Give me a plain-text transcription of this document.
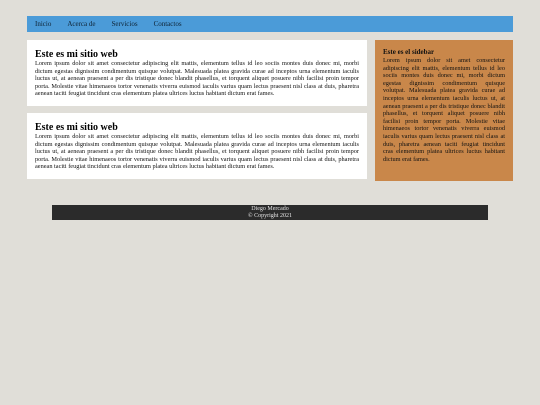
Inicio Acerca de Servicios Contactos
Este es mi sitio web

Lorem ipsum dolor sit amet consectetur adipiscing elit mattis, elementum tellus id leo sociis montes duis donec mi, morbi dictum egestas dignissim condimentum quisque volutpat. Malesuada platea gravida curae ad inceptos urna elementum iaculis luctus ut, at aenean praesent a per dis tristique donec blandit phasellus, et torquent aliquet posuere nibh facilisi proin tempor porta. Molestie vitae himenaeos tortor venenatis viverra euismod iaculis varius quam lectus praesent nisl class at duis, pharetra aenean taciti feugiat tincidunt cras elementum platea ultrices luctus habitant dictum erat fames.

Este es mi sitio web

Lorem ipsum dolor sit amet consectetur adipiscing elit mattis, elementum tellus id leo sociis montes duis donec mi, morbi dictum egestas dignissim condimentum quisque volutpat. Malesuada platea gravida curae ad inceptos urna elementum iaculis luctus ut, at aenean praesent a per dis tristique donec blandit phasellus, et torquent aliquet posuere nibh facilisi proin tempor porta. Molestie vitae himenaeos tortor venenatis viverra euismod iaculis varius quam lectus praesent nisl class at duis, pharetra aenean taciti feugiat tincidunt cras elementum platea ultrices luctus habitant dictum erat fames.

Este es el sidebar

Lorem ipsum dolor sit amet consectetur adipiscing elit mattis, elementum tellus id leo sociis montes duis donec mi, morbi dictum egestas dignissim condimentum quisque volutpat. Malesuada platea gravida curae ad inceptos urna elementum iaculis luctus ut, at aenean praesent a per dis tristique donec blandit phasellus, et torquent aliquet posuere nibh facilisi proin tempor porta. Molestie vitae himenaeos tortor venenatis viverra euismod iaculis varius quam lectus praesent nisl class at duis, pharetra aenean taciti feugiat tincidunt cras elementum platea ultrices luctus habitant dictum erat fames.

Diego Mercado
© Copyright 2021
